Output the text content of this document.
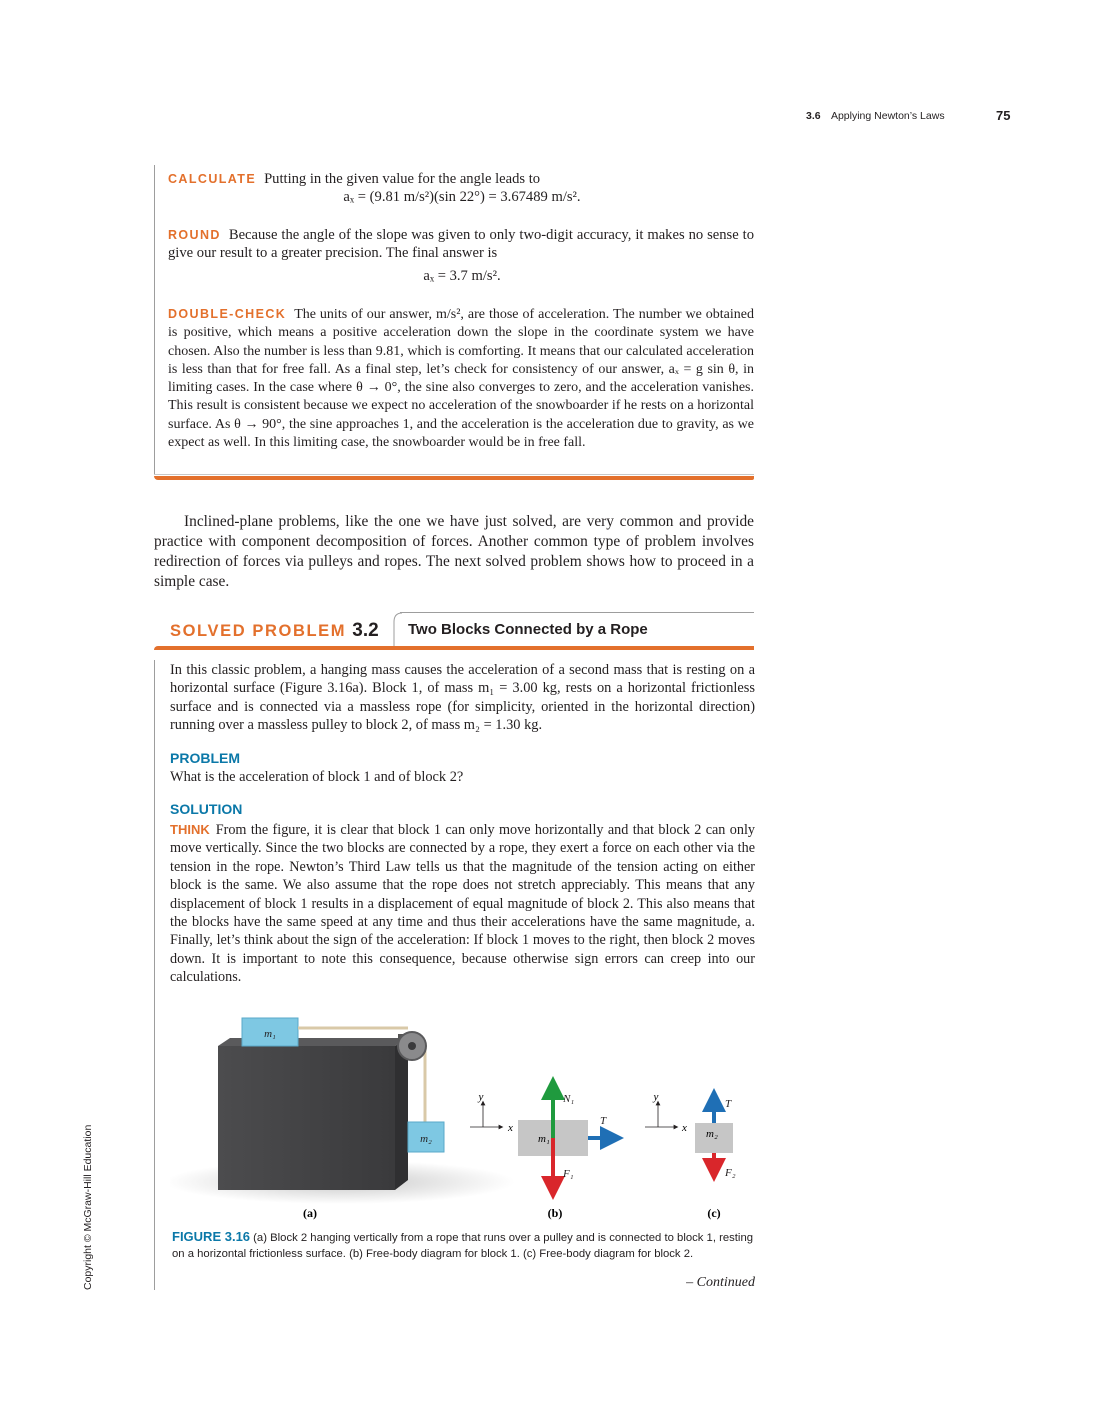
3.6 Applying Newton’s Laws	75
CALCULATE Putting in the given value for the angle leads to
aₓ = (9.81 m/s²)(sin 22°) = 3.67489 m/s².
ROUND Because the angle of the slope was given to only two-digit accuracy, it makes no sense to give our result to a greater precision. The final answer is
aₓ = 3.7 m/s².
DOUBLE-CHECK The units of our answer, m/s², are those of acceleration. The number we obtained is positive, which means a positive acceleration down the slope in the coordinate system we have chosen. Also the number is less than 9.81, which is comforting. It means that our calculated acceleration is less than that for free fall. As a final step, let’s check for consistency of our answer, aₓ = g sin θ, in limiting cases. In the case where θ → 0°, the sine also converges to zero, and the acceleration vanishes. This result is consistent because we expect no acceleration of the snowboarder if he rests on a horizontal surface. As θ → 90°, the sine approaches 1, and the acceleration is the acceleration due to gravity, as we expect as well. In this limiting case, the snowboarder would be in free fall.
Inclined-plane problems, like the one we have just solved, are very common and provide practice with component decomposition of forces. Another common type of problem involves redirection of forces via pulleys and ropes. The next solved problem shows how to proceed in a simple case.
SOLVED PROBLEM 3.2 Two Blocks Connected by a Rope
In this classic problem, a hanging mass causes the acceleration of a second mass that is resting on a horizontal surface (Figure 3.16a). Block 1, of mass m₁ = 3.00 kg, rests on a horizontal frictionless surface and is connected via a massless rope (for simplicity, oriented in the horizontal direction) running over a massless pulley to block 2, of mass m₂ = 1.30 kg.
PROBLEM
What is the acceleration of block 1 and of block 2?
SOLUTION
THINK From the figure, it is clear that block 1 can only move horizontally and that block 2 can only move vertically. Since the two blocks are connected by a rope, they exert a force on each other via the tension in the rope. Newton’s Third Law tells us that the magnitude of the tension acting on either block is the same. We also assume that the rope does not stretch appreciably. This means that any displacement of block 1 results in a displacement of equal magnitude of block 2. This also means that the blocks have the same speed at any time and thus their accelerations have the same magnitude, a. Finally, let’s think about the sign of the acceleration: If block 1 moves to the right, then block 2 moves down. It is important to note this consequence, because otherwise sign errors can creep into our calculations.
m₁
m₂
y
x
m₁
N₁
F₁
T
y
x m₂
T
F₂
(a)	(b)	(c)
FIGURE 3.16 (a) Block 2 hanging vertically from a rope that runs over a pulley and is connected to block 1, resting on a horizontal frictionless surface. (b) Free-body diagram for block 1. (c) Free-body diagram for block 2.
– Continued
Copyright © McGraw-Hill Education
